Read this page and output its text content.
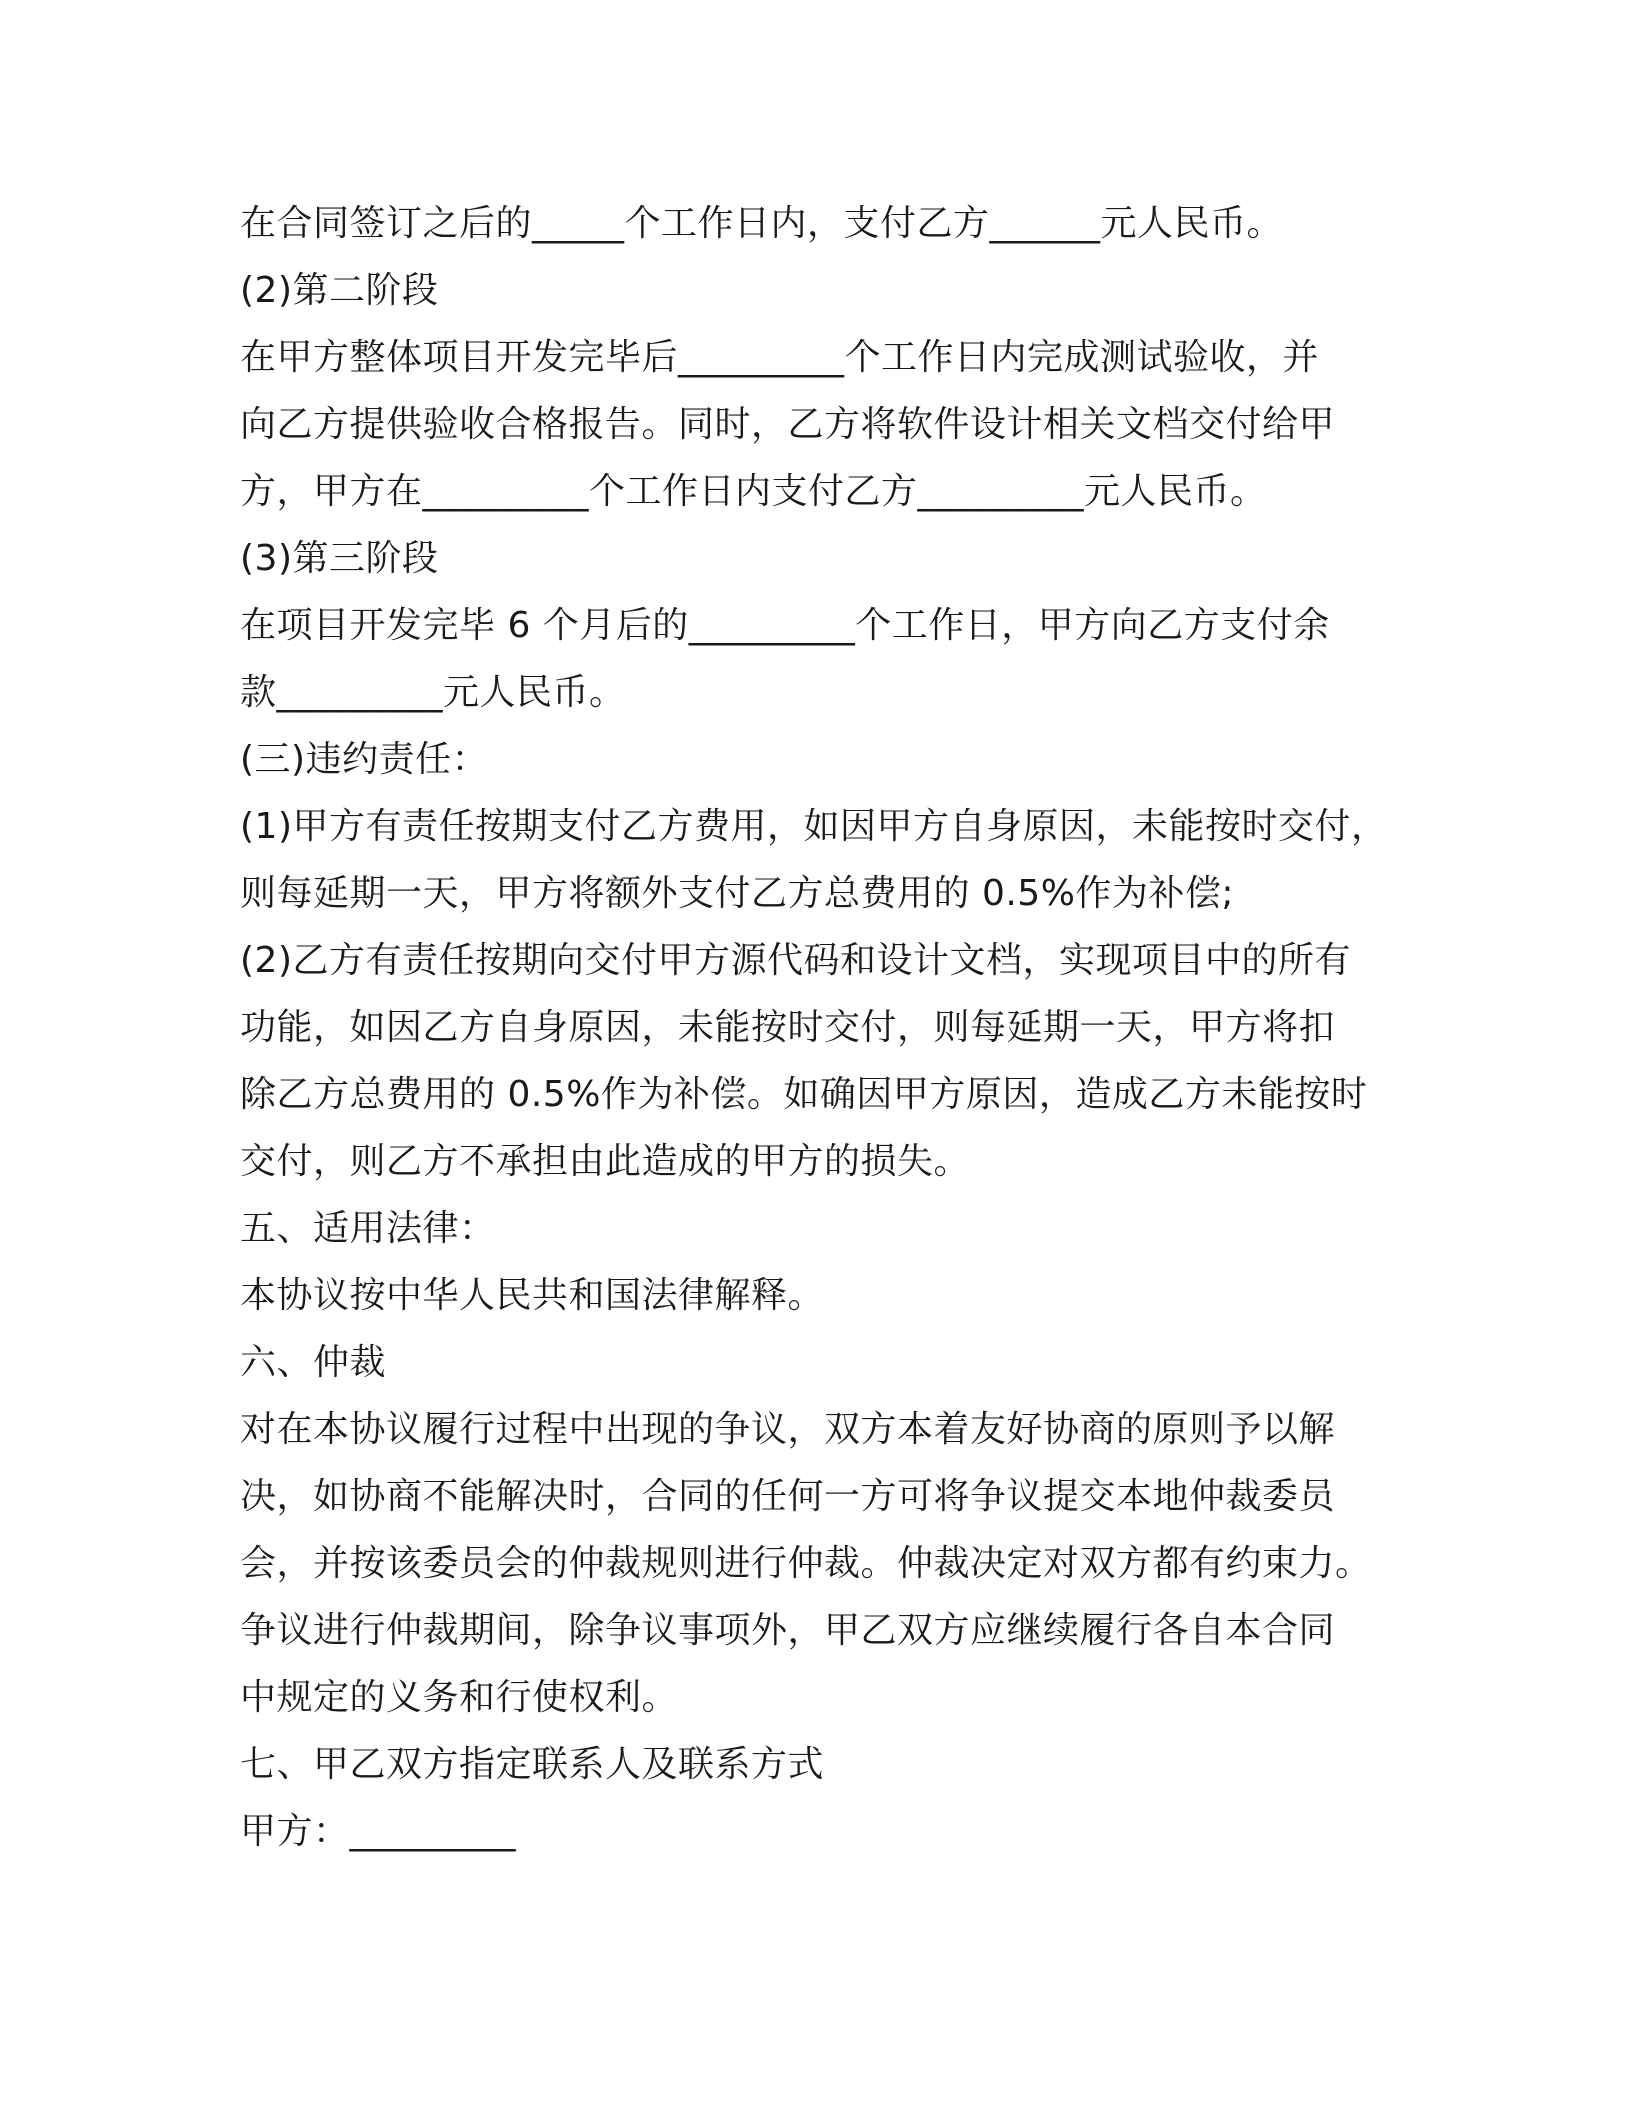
在合同签订之后的_____个工作日内，支付乙方______元人民币。
(2)第二阶段
在甲方整体项目开发完毕后_________个工作日内完成测试验收，并
向乙方提供验收合格报告。同时，乙方将软件设计相关文档交付给甲
方，甲方在_________个工作日内支付乙方_________元人民币。
(3)第三阶段
在项目开发完毕 6 个月后的_________个工作日，甲方向乙方支付余
款_________元人民币。
(三)违约责任：
(1)甲方有责任按期支付乙方费用，如因甲方自身原因，未能按时交付，
则每延期一天，甲方将额外支付乙方总费用的 0.5%作为补偿;
(2)乙方有责任按期向交付甲方源代码和设计文档，实现项目中的所有
功能，如因乙方自身原因，未能按时交付，则每延期一天，甲方将扣
除乙方总费用的 0.5%作为补偿。如确因甲方原因，造成乙方未能按时
交付，则乙方不承担由此造成的甲方的损失。
五、适用法律：
本协议按中华人民共和国法律解释。
六、仲裁
对在本协议履行过程中出现的争议，双方本着友好协商的原则予以解
决，如协商不能解决时，合同的任何一方可将争议提交本地仲裁委员
会，并按该委员会的仲裁规则进行仲裁。仲裁决定对双方都有约束力。
争议进行仲裁期间，除争议事项外，甲乙双方应继续履行各自本合同
中规定的义务和行使权利。
七、甲乙双方指定联系人及联系方式
甲方：_________
